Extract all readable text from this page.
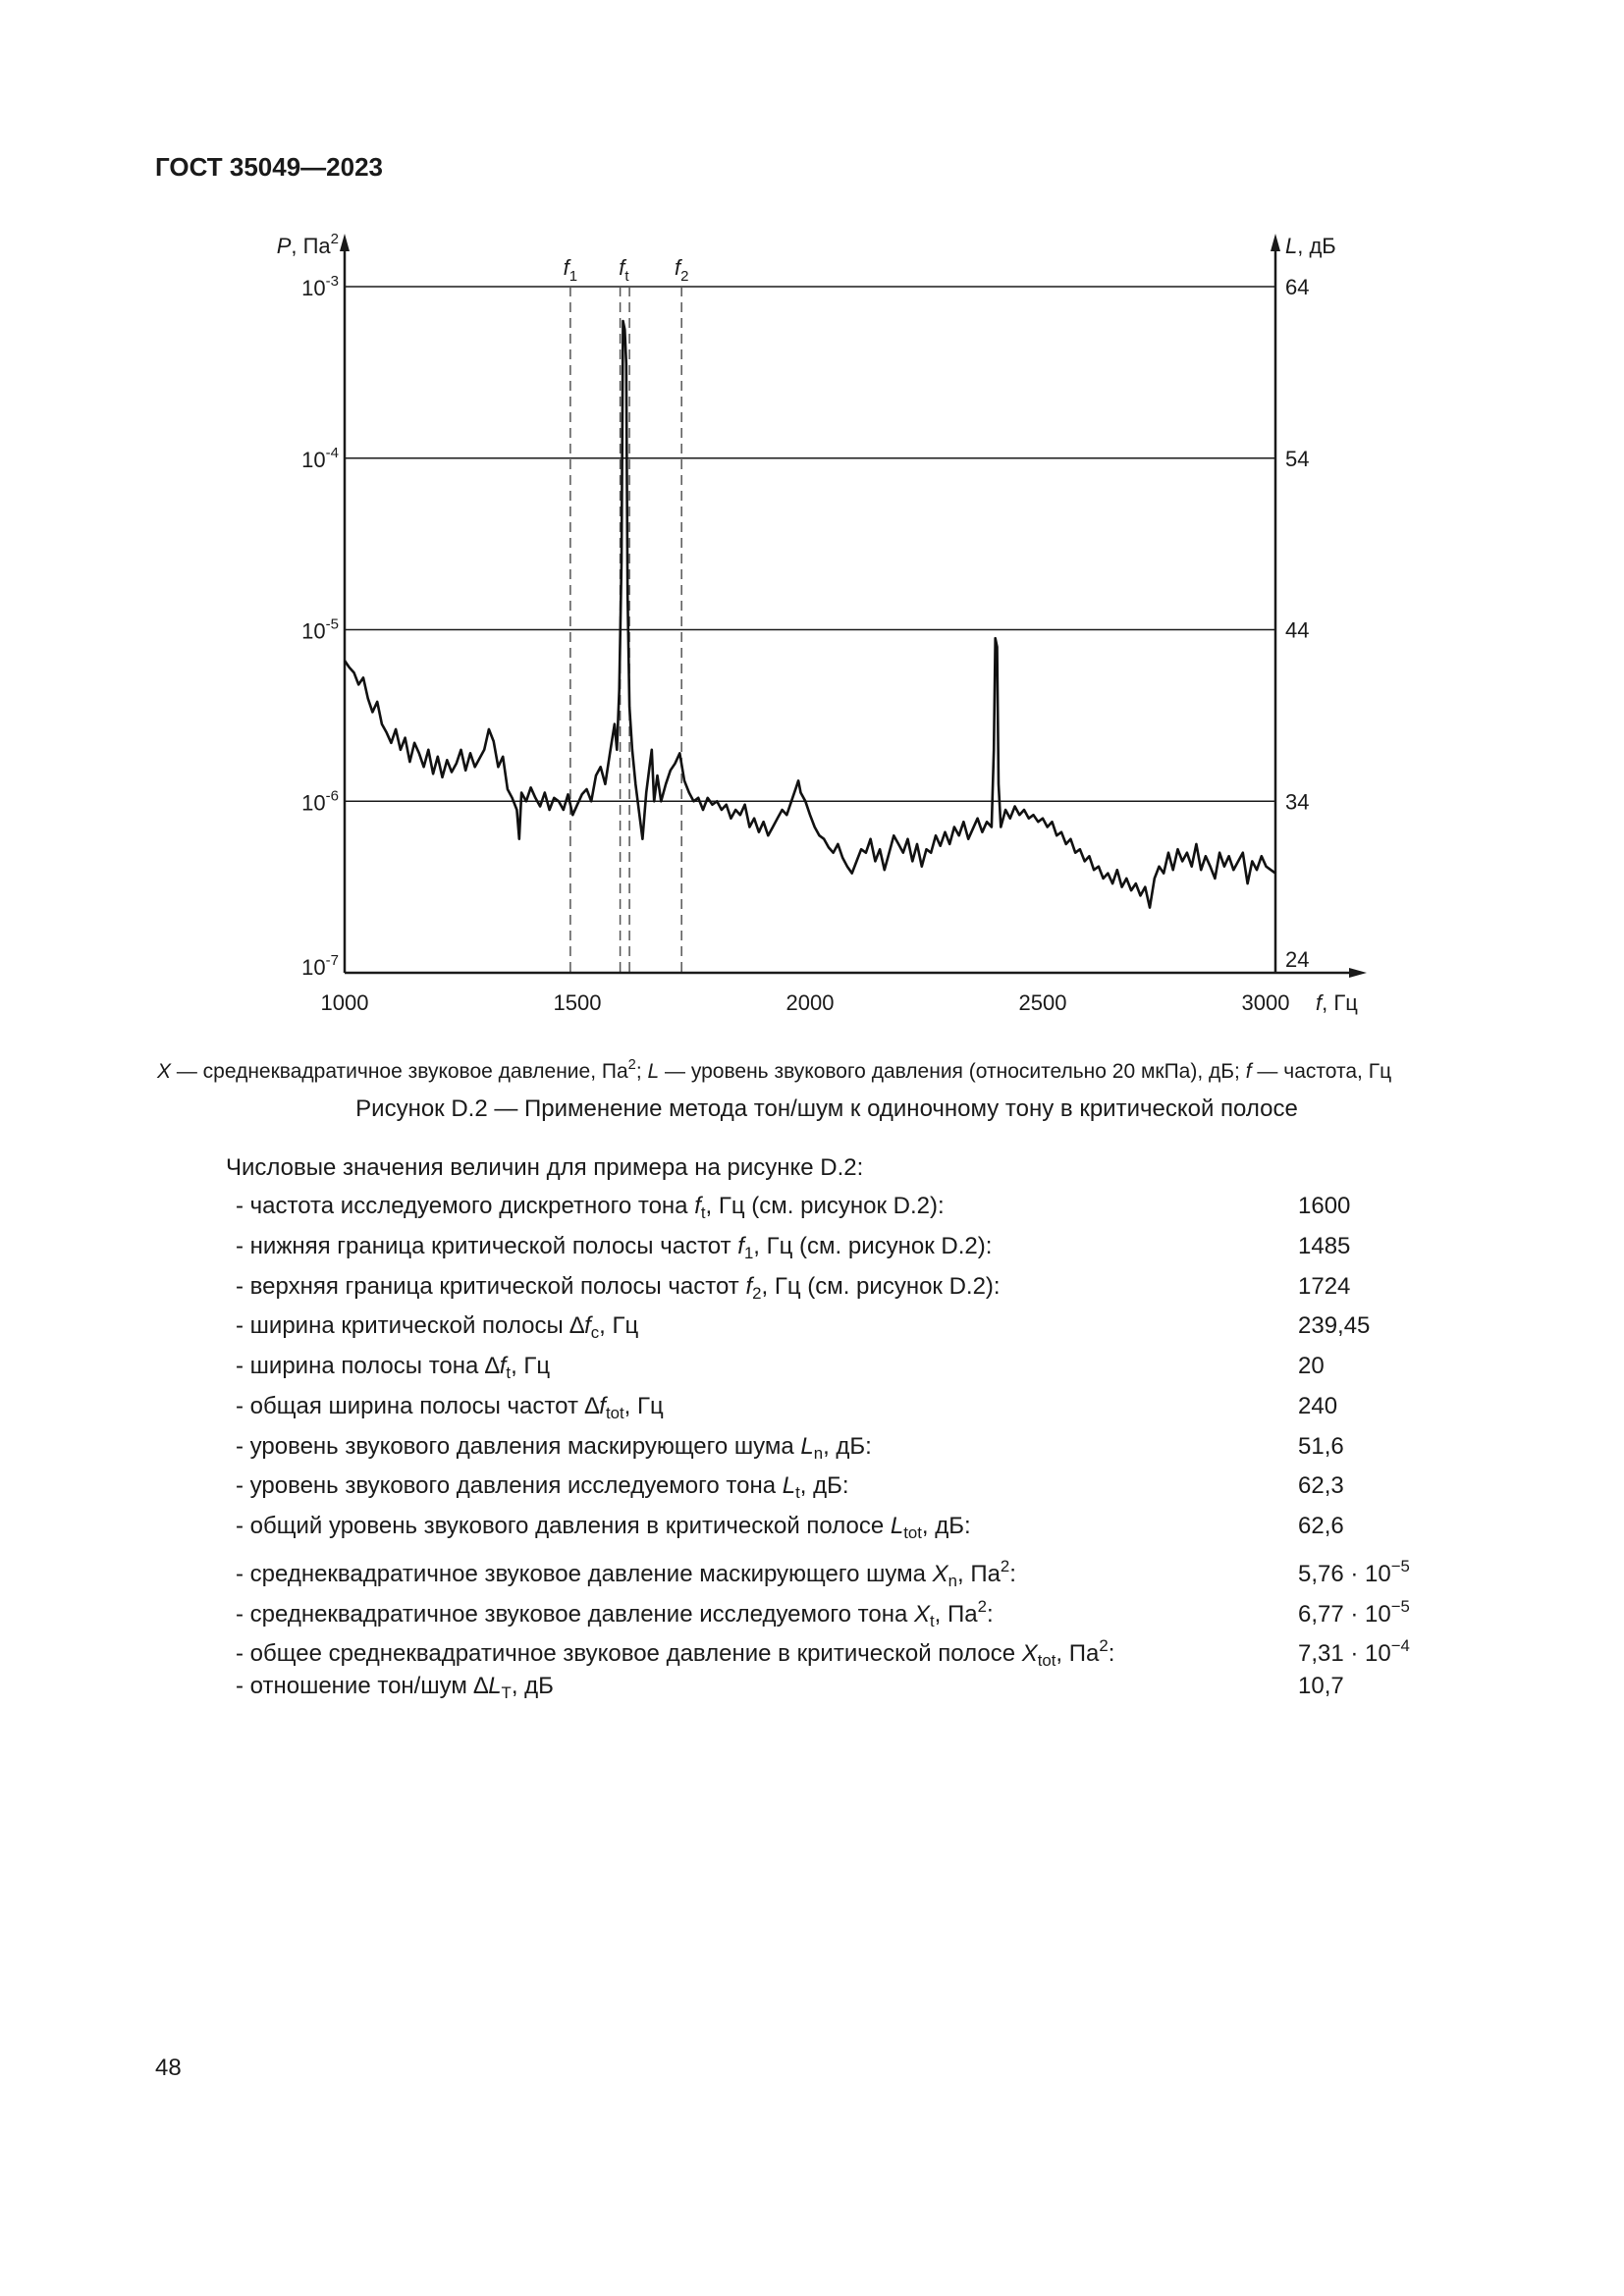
ГОСТ 35049—2023
$f_1$ $f_t$ $f_2$
$10^{-3}$
$10^{-4}$
$10^{-5}$
$10^{-6}$
$10^{-7}$
64
54
44
34
24
1000	1500	2000	2500	3000
P, $Па^2$	L, дБ
f, Гц
X — среднеквадратичное звуковое давление, $Па^2$; L — уровень звукового давления (относительно 20 мкПа), дБ; f — частота, Гц
Рисунок D.2 — Применение метода тон/шум к одиночному тону в критической полосе
Числовые значения величин для примера на рисунке D.2:
- частота исследуемого дискретного тона $f_t$, Гц (см. рисунок D.2):	1600
- нижняя граница критической полосы частот $f_1$, Гц (см. рисунок D.2):	1485
- верхняя граница критической полосы частот $f_2$, Гц (см. рисунок D.2):	1724
- ширина критической полосы $\Delta f_c$, Гц	239,45
- ширина полосы тона $\Delta f_t$, Гц	20
- общая ширина полосы частот $\Delta f_{tot}$, Гц	240
- уровень звукового давления маскирующего шума $L_n$, дБ:	51,6
- уровень звукового давления исследуемого тона $L_t$, дБ:	62,3
- общий уровень звукового давления в критической полосе $L_{tot}$, дБ:	62,6
- среднеквадратичное звуковое давление маскирующего шума $X_n$, $Па^2$:	$5,76 \cdot 10^{-5}$
- среднеквадратичное звуковое давление исследуемого тона $X_t$, $Па^2$:	$6,77 \cdot 10^{-5}$
- общее среднеквадратичное звуковое давление в критической полосе $X_{tot}$, $Па^2$:	$7,31 \cdot 10^{-4}$
- отношение тон/шум $\Delta L_T$, дБ	10,7
48
